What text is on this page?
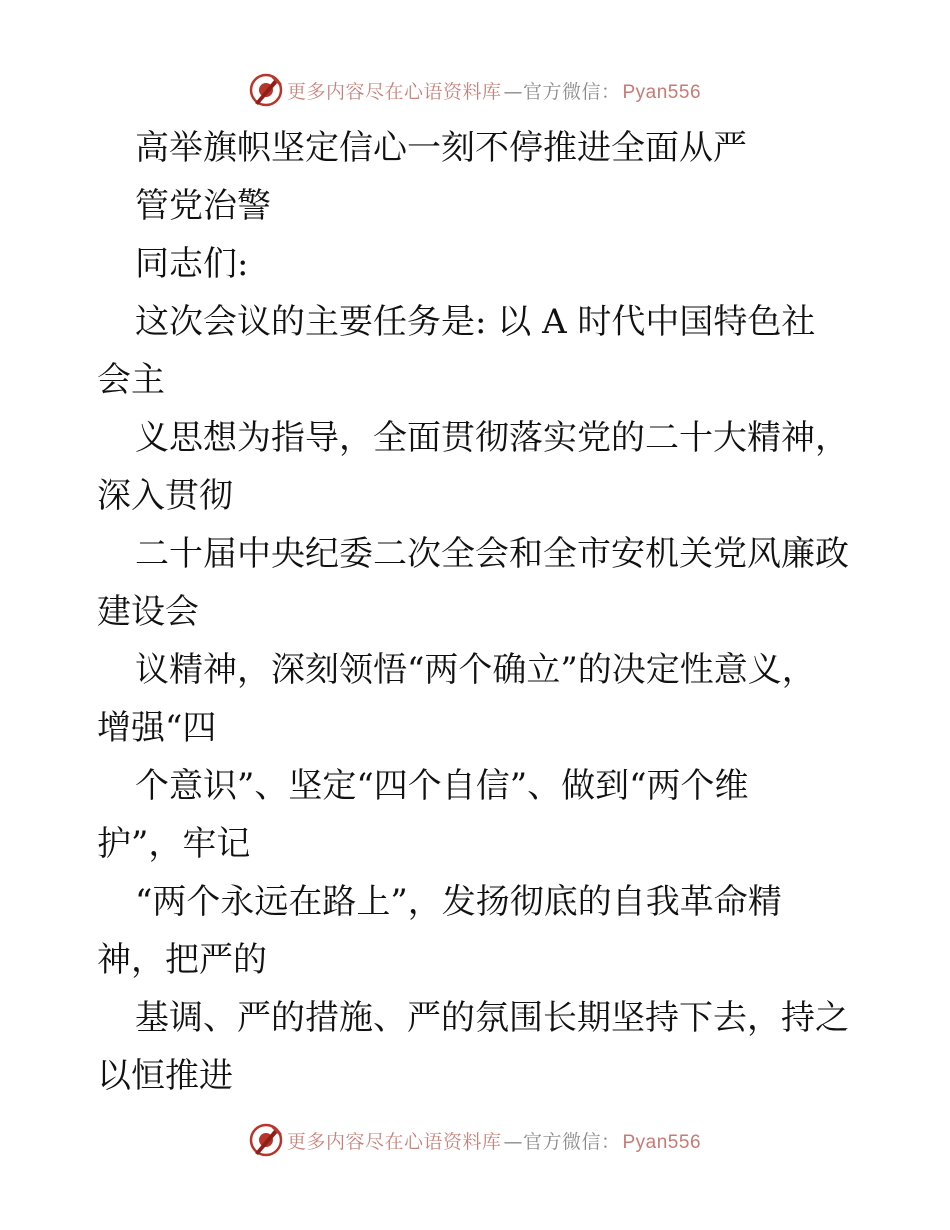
更多内容尽在心语资料库 —官方微信： Pyan556
高举旗帜坚定信心一刻不停推进全面从严
管党治警
同志们:
这次会议的主要任务是: 以 A 时代中国特色社
会主
义思想为指导，全面贯彻落实党的二十大精神，
深入贯彻
二十届中央纪委二次全会和全市安机关党风廉政
建设会
议精神，深刻领悟“两个确立”的决定性意义，
增强“四
个意识”、坚定“四个自信”、做到“两个维
护”，牢记
“两个永远在路上”，发扬彻底的自我革命精
神，把严的
基调、严的措施、严的氛围长期坚持下去，持之
以恒推进
更多内容尽在心语资料库 —官方微信： Pyan556
